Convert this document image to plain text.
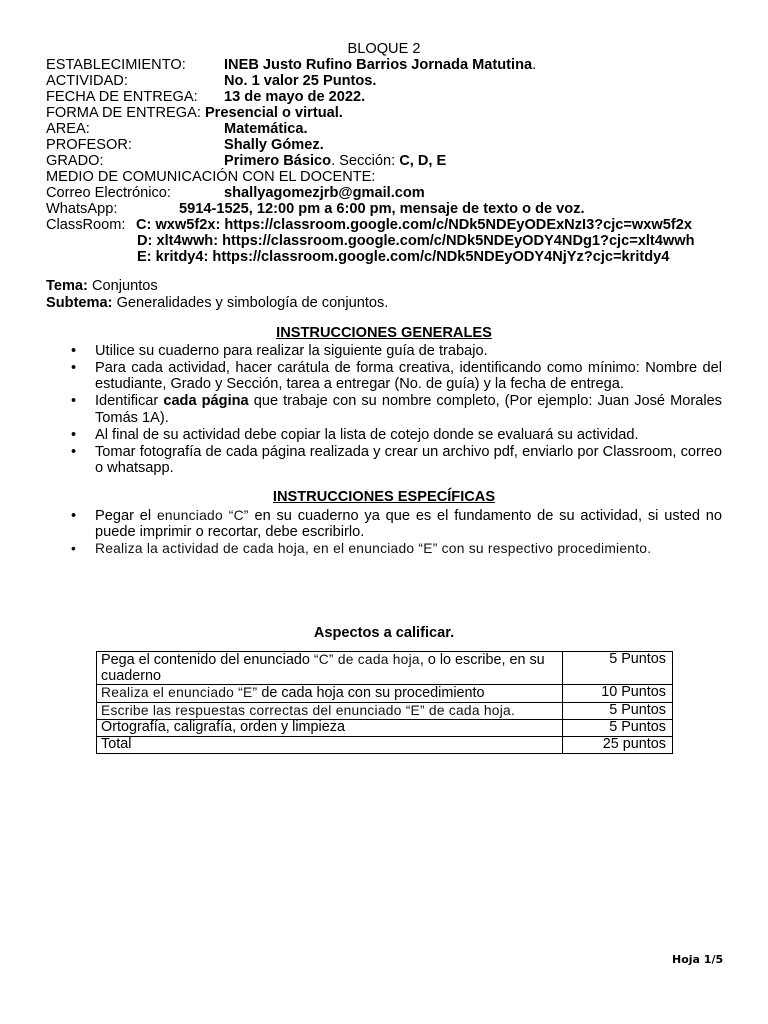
BLOQUE 2
ESTABLECIMIENTO:	INEB Justo Rufino Barrios Jornada Matutina .
ACTIVIDAD:	No. 1 valor 25 Puntos.
FECHA DE ENTREGA:	13 de mayo de 2022.
FORMA DE ENTREGA:
Presencial o virtual.
AREA:	Matemática.
PROFESOR:	Shally Gómez.
GRADO:	Primero Básico . Sección:
C, D, E
MEDIO DE COMUNICACIÓN CON EL DOCENTE:
Correo Electrónico:	shallyagomezjrb@gmail.com
WhatsApp:	5914-1525, 12:00 pm a 6:00 pm, mensaje de texto o de voz.
ClassRoom: C: wxw5f2x: https://classroom.google.com/c/NDk5NDEyODExNzI3?cjc=wxw5f2x
D: xlt4wwh: https://classroom.google.com/c/NDk5NDEyODY4NDg1?cjc=xlt4wwh
E: kritdy4: https://classroom.google.com/c/NDk5NDEyODY4NjYz?cjc=kritdy4
Tema: Conjuntos
Subtema: Generalidades y simbología de conjuntos.
INSTRUCCIONES GENERALES
• Utilice su cuaderno para realizar la siguiente guía de trabajo.
• Para cada actividad, hacer carátula de forma creativa, identificando como mínimo: Nombre del estudiante, Grado y Sección, tarea a entregar (No. de guía) y la fecha de entrega.
• Identificar cada página que trabaje con su nombre completo, (Por ejemplo: Juan José Morales Tomás 1A).
• Al final de su actividad debe copiar la lista de cotejo donde se evaluará su actividad.
• Tomar fotografía de cada página realizada y crear un archivo pdf, enviarlo por Classroom, correo o whatsapp.
INSTRUCCIONES ESPECÍFICAS
• Pegar el enunciado “C” en su cuaderno ya que es el fundamento de su actividad, si usted no puede imprimir o recortar, debe escribirlo.
• Realiza la actividad de cada hoja, en el enunciado “E” con su respectivo procedimiento.
Aspectos a calificar.
Pega el contenido del enunciado “C” de cada hoja, o lo escribe, en su cuaderno	5 Puntos
Realiza el enunciado “E” de cada hoja con su procedimiento	10 Puntos
Escribe las respuestas correctas del enunciado “E” de cada hoja.	5 Puntos
Ortografía, caligrafía, orden y limpieza	5 Puntos
Total	25 puntos
Hoja 1/5
